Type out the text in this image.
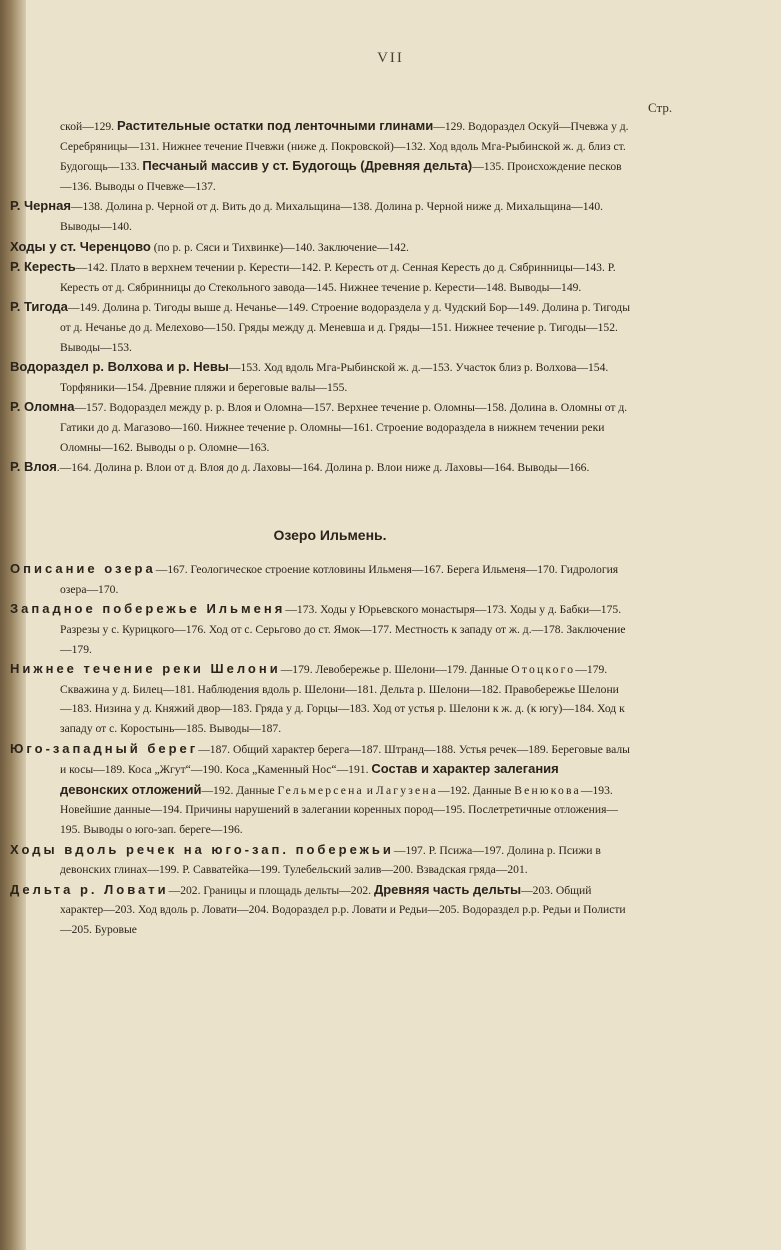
VII
Стр.

ской—129. Растительные остатки под ленточными глинами—129. Водораздел Оскуй—Пчевжа у д. Серебряницы—131. Нижнее течение Пчевжи (ниже д. Покровской)—132. Ход вдоль Мга-Рыбинской ж. д. близ ст. Будогощь—133. Песчаный массив у ст. Будогощь (Древняя дельта)—135. Происхождение песков—136. Выводы о Пчевже—137.

Р. Черная—138. Долина р. Черной от д. Вить до д. Михальщина—138. Долина р. Черной ниже д. Михальщина—140. Выводы—140.

Ходы у ст. Черенцово (по р. р. Сяси и Тихвинке)—140. Заключение—142.

Р. Кересть—142. Плато в верхнем течении р. Керести—142. Р. Кересть от д. Сенная Кересть до д. Сябринницы—143. Р. Кересть от д. Сябринницы до Стекольного завода—145. Нижнее течение р. Керести—148. Выводы—149.

Р. Тигода—149. Долина р. Тигоды выше д. Нечанье—149. Строение водораздела у д. Чудский Бор—149. Долина р. Тигоды от д. Нечанье до д. Мелехово—150. Гряды между д. Меневша и д. Гряды—151. Нижнее течение р. Тигоды—152. Выводы—153.

Водораздел р. Волхова и р. Невы—153. Ход вдоль Мга-Рыбинской ж. д.—153. Участок близ р. Волхова—154. Торфяники—154. Древние пляжи и береговые валы—155.

Р. Оломна—157. Водораздел между р. р. Влоя и Оломна—157. Верхнее течение р. Оломны—158. Долина в. Оломны от д. Гатики до д. Магазово—160. Нижнее течение р. Оломны—161. Строение водораздела в нижнем течении реки Оломны—162. Выводы о р. Оломне—163.

Р. Влоя.—164. Долина р. Влои от д. Влоя до д. Лаховы—164. Долина р. Влои ниже д. Лаховы—164. Выводы—166.

Озеро Ильмень.

Описание озера—167. Геологическое строение котловины Ильменя—167. Берега Ильменя—170. Гидрология озера—170.

Западное побережье Ильменя—173. Ходы у Юрьевского монастыря—173. Ходы у д. Бабки—175. Разрезы у с. Курицкого—176. Ход от с. Серьгово до ст. Ямок—177. Местность к западу от ж. д.—178. Заключение—179.

Нижнее течение реки Шелони—179. Левобережье р. Шелони—179. Данные Отоцкого—179. Скважина у д. Билец—181. Наблюдения вдоль р. Шелони—181. Дельта р. Шелони—182. Правобережье Шелони—183. Низина у д. Княжий двор—183. Гряда у д. Горцы—183. Ход от устья р. Шелони к ж. д. (к югу)—184. Ход к западу от с. Коростынь—185. Выводы—187.

Юго-западный берег—187. Общий характер берега—187. Штранд—188. Устья речек—189. Береговые валы и косы—189. Коса „Жгут“—190. Коса „Каменный Нос“—191. Состав и характер залегания девонских отложений—192. Данные Гельмерсена и Лагузена—192. Данные Венюкова—193. Новейшие данные—194. Причины нарушений в залегании коренных пород—195. Послетретичные отложения—195. Выводы о юго-зап. береге—196.

Ходы вдоль речек на юго-зап. побережьи—197. Р. Псижа—197. Долина р. Псижи в девонских глинах—199. Р. Савватейка—199. Тулебельский залив—200. Взвадская гряда—201.

Дельта р. Ловати—202. Границы и площадь дельты—202. Древняя часть дельты—203. Общий характер—203. Ход вдоль р. Ловати—204. Водораздел р.р. Ловати и Редьи—205. Водораздел р.р. Редьи и Полисти—205. Буровые
